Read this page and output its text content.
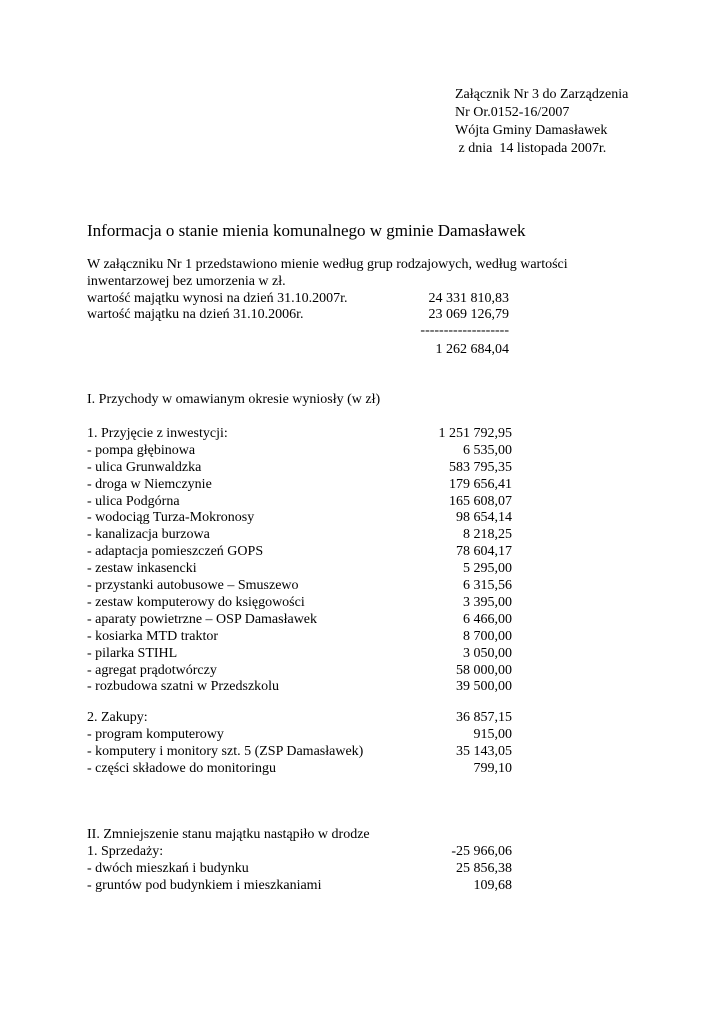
Załącznik Nr 3 do Zarządzenia
Nr Or.0152-16/2007
Wójta Gminy Damasławek
z dnia  14 listopada 2007r.
Informacja o stanie mienia komunalnego w gminie Damasławek
W załączniku Nr 1 przedstawiono mienie według grup rodzajowych, według wartości
inwentarzowej bez umorzenia w zł.
wartość majątku wynosi na dzień 31.10.2007r.	24 331 810,83
wartość majątku na dzień 31.10.2006r.	23 069 126,79
-------------------
1 262 684,04
I. Przychody w omawianym okresie wyniosły (w zł)
1. Przyjęcie z inwestycji:	1 251 792,95
- pompa głębinowa	6 535,00
- ulica Grunwaldzka	583 795,35
- droga w Niemczynie	179 656,41
- ulica Podgórna	165 608,07
- wodociąg Turza-Mokronosy	98 654,14
- kanalizacja burzowa	8 218,25
- adaptacja pomieszczeń GOPS	78 604,17
- zestaw inkasencki	5 295,00
- przystanki autobusowe – Smuszewo	6 315,56
- zestaw komputerowy do księgowości	3 395,00
- aparaty powietrzne – OSP Damasławek	6 466,00
- kosiarka MTD traktor	8 700,00
- pilarka STIHL	3 050,00
- agregat prądotwórczy	58 000,00
- rozbudowa szatni w Przedszkolu	39 500,00
2. Zakupy:	36 857,15
- program komputerowy	915,00
- komputery i monitory szt. 5 (ZSP Damasławek)	35 143,05
- części składowe do monitoringu	799,10
II. Zmniejszenie stanu majątku nastąpiło w drodze
1. Sprzedaży:	-25 966,06
- dwóch mieszkań i budynku	25 856,38
- gruntów pod budynkiem i mieszkaniami	109,68
